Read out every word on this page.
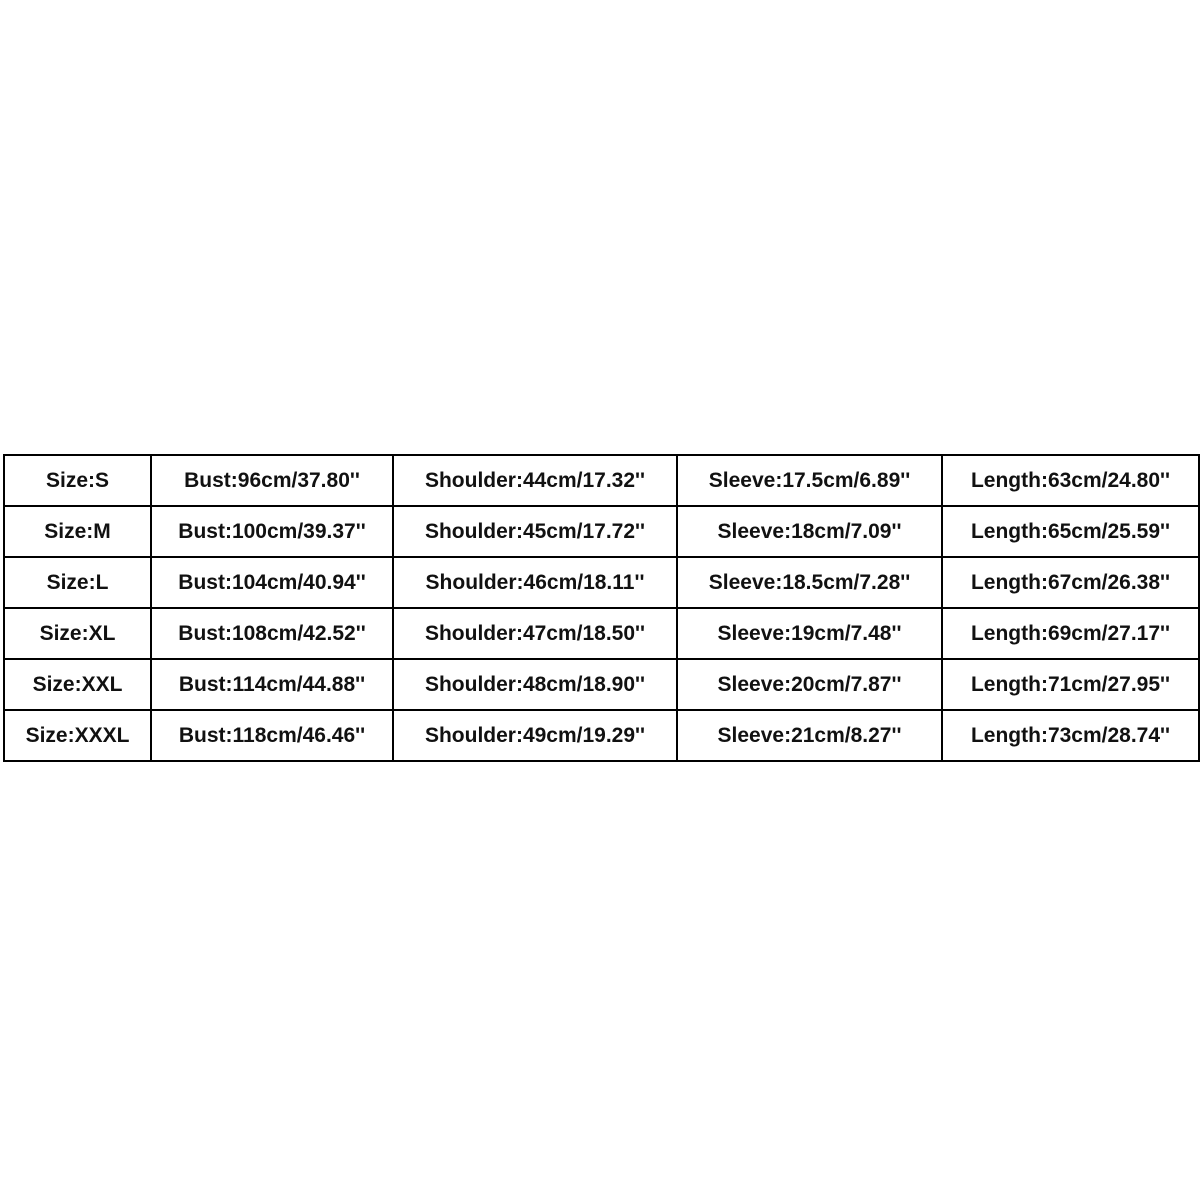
Size:S	Bust:96cm/37.80''	Shoulder:44cm/17.32''	Sleeve:17.5cm/6.89''	Length:63cm/24.80''
Size:M	Bust:100cm/39.37''	Shoulder:45cm/17.72''	Sleeve:18cm/7.09''	Length:65cm/25.59''
Size:L	Bust:104cm/40.94''	Shoulder:46cm/18.11''	Sleeve:18.5cm/7.28''	Length:67cm/26.38''
Size:XL	Bust:108cm/42.52''	Shoulder:47cm/18.50''	Sleeve:19cm/7.48''	Length:69cm/27.17''
Size:XXL	Bust:114cm/44.88''	Shoulder:48cm/18.90''	Sleeve:20cm/7.87''	Length:71cm/27.95''
Size:XXXL	Bust:118cm/46.46''	Shoulder:49cm/19.29''	Sleeve:21cm/8.27''	Length:73cm/28.74''
